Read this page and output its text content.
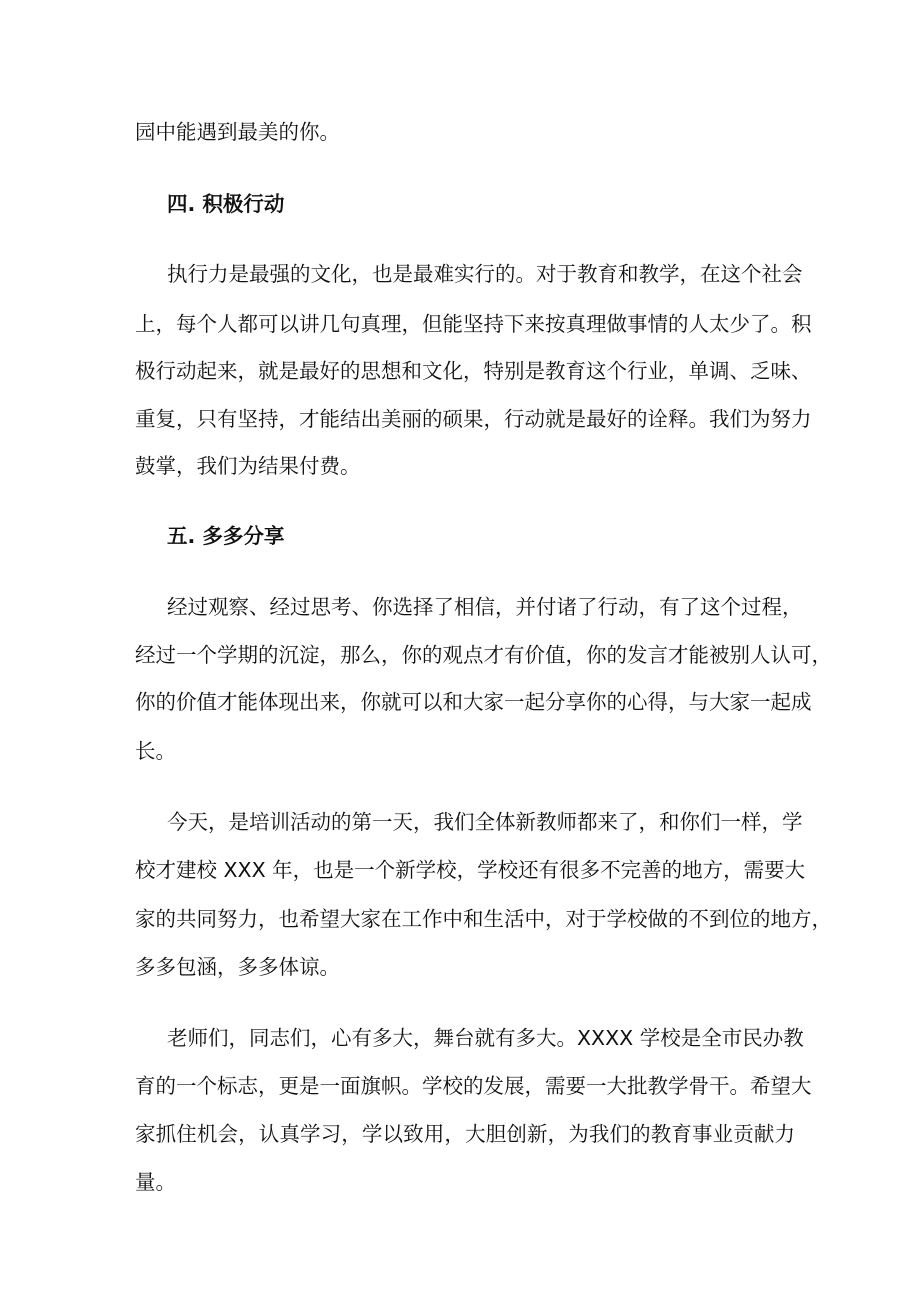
园中能遇到最美的你。
四. 积极行动
执行力是最强的文化，也是最难实行的。对于教育和教学，在这个社会
上，每个人都可以讲几句真理，但能坚持下来按真理做事情的人太少了。积
极行动起来，就是最好的思想和文化，特别是教育这个行业，单调、乏味、
重复，只有坚持，才能结出美丽的硕果，行动就是最好的诠释。我们为努力
鼓掌，我们为结果付费。
五. 多多分享
经过观察、经过思考、你选择了相信，并付诸了行动，有了这个过程，
经过一个学期的沉淀，那么，你的观点才有价值，你的发言才能被别人认可，
你的价值才能体现出来，你就可以和大家一起分享你的心得，与大家一起成
长。
今天，是培训活动的第一天，我们全体新教师都来了，和你们一样，学
校才建校 XXX 年，也是一个新学校，学校还有很多不完善的地方，需要大
家的共同努力，也希望大家在工作中和生活中，对于学校做的不到位的地方，
多多包涵，多多体谅。
老师们，同志们，心有多大，舞台就有多大。XXXX 学校是全市民办教
育的一个标志，更是一面旗帜。学校的发展，需要一大批教学骨干。希望大
家抓住机会，认真学习，学以致用，大胆创新，为我们的教育事业贡献力
量。
